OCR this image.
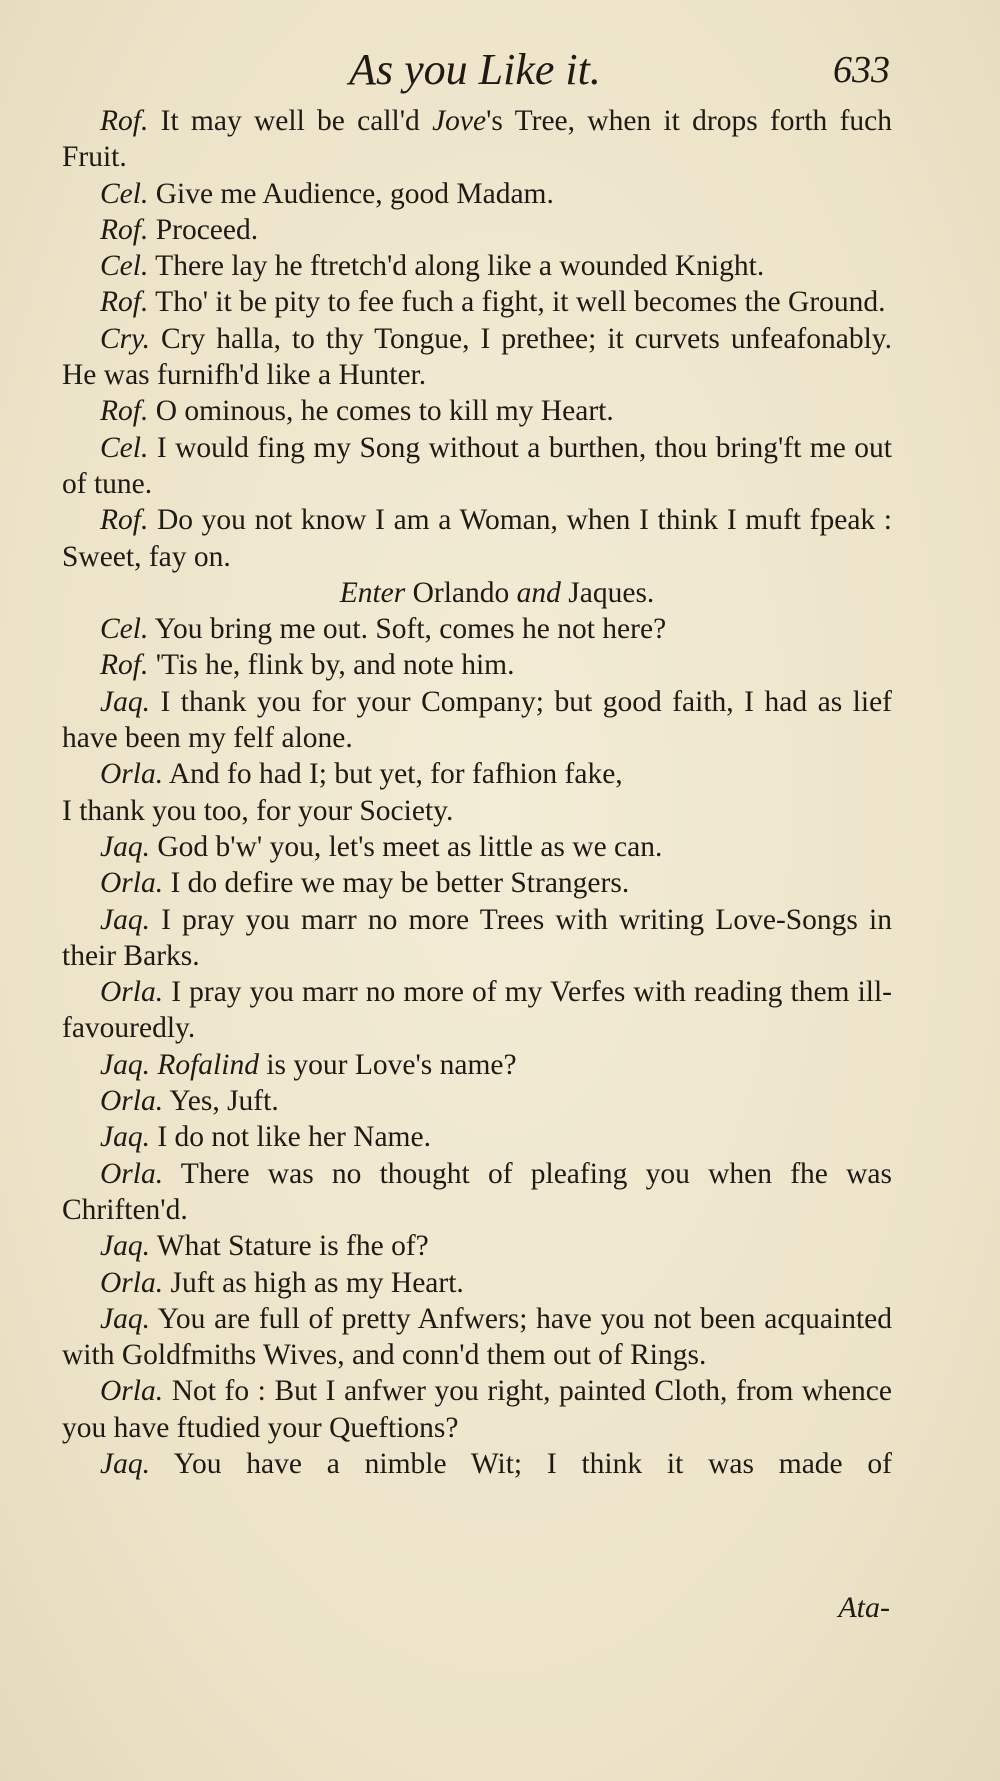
As you Like it.	633

Rof. It may well be call'd Jove's Tree, when it drops forth fuch Fruit.

Cel. Give me Audience, good Madam.

Rof. Proceed.

Cel. There lay he ftretch'd along like a wounded Knight.

Rof. Tho' it be pity to fee fuch a fight, it well becomes the Ground.

Cry. Cry halla, to thy Tongue, I prethee; it curvets unfeafonably. He was furnifh'd like a Hunter.

Rof. O ominous, he comes to kill my Heart.

Cel. I would fing my Song without a burthen, thou bring'ft me out of tune.

Rof. Do you not know I am a Woman, when I think I muft fpeak : Sweet, fay on.

Enter Orlando and Jaques.

Cel. You bring me out. Soft, comes he not here?

Rof. 'Tis he, flink by, and note him.

Jaq. I thank you for your Company; but good faith, I had as lief have been my felf alone.

Orla. And fo had I; but yet, for fafhion fake,

I thank you too, for your Society.

Jaq. God b'w' you, let's meet as little as we can.

Orla. I do defire we may be better Strangers.

Jaq. I pray you marr no more Trees with writing Love-Songs in their Barks.

Orla. I pray you marr no more of my Verfes with reading them ill-favouredly.

Jaq. Rofalind is your Love's name?

Orla. Yes, Juft.

Jaq. I do not like her Name.

Orla. There was no thought of pleafing you when fhe was Chriften'd.

Jaq. What Stature is fhe of?

Orla. Juft as high as my Heart.

Jaq. You are full of pretty Anfwers; have you not been acquainted with Goldfmiths Wives, and conn'd them out of Rings.

Orla. Not fo : But I anfwer you right, painted Cloth, from whence you have ftudied your Queftions?

Jaq. You have a nimble Wit; I think it was made of

Ata-
